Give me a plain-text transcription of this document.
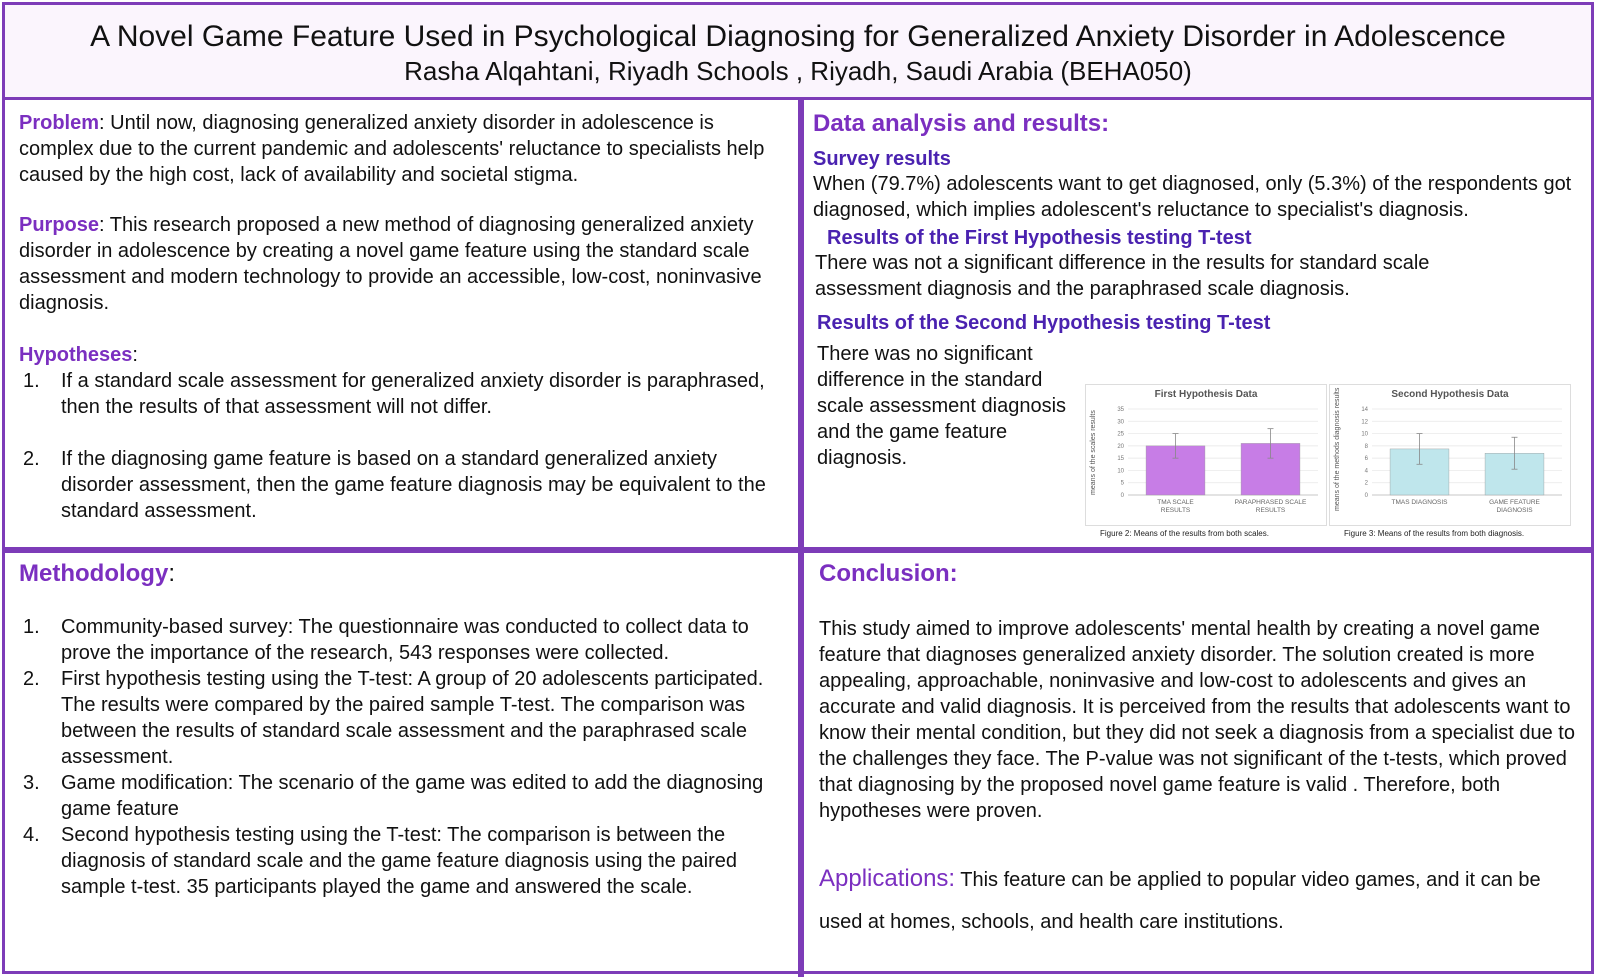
A Novel Game Feature Used in Psychological Diagnosing for Generalized Anxiety Disorder in Adolescence
Rasha Alqahtani, Riyadh Schools , Riyadh, Saudi Arabia (BEHA050)
Problem: Until now, diagnosing generalized anxiety disorder in adolescence is complex due to the current pandemic and adolescents' reluctance to specialists help caused by the high cost, lack of availability and societal stigma.
Purpose: This research proposed a new method of diagnosing generalized anxiety disorder in adolescence by creating a novel game feature using the standard scale assessment and modern technology to provide an accessible, low-cost, noninvasive diagnosis.
Hypotheses:
1. If a standard scale assessment for generalized anxiety disorder is paraphrased, then the results of that assessment will not differ.
2. If the diagnosing game feature is based on a standard generalized anxiety disorder assessment, then the game feature diagnosis may be equivalent to the standard assessment.
Data analysis and results:
Survey results
When (79.7%) adolescents want to get diagnosed, only (5.3%) of the respondents got diagnosed, which implies adolescent's reluctance to specialist's diagnosis.
Results of the First Hypothesis testing T-test
There was not a significant difference in the results for standard scale assessment diagnosis and the paraphrased scale diagnosis.
Results of the Second Hypothesis testing T-test
There was no significant difference in the standard scale assessment diagnosis and the game feature diagnosis.
First Hypothesis Data
means of the scales results
0
5
10
15
20
25
30
35
TMA SCALE
RESULTS
PARAPHRASED SCALE
RESULTS
Figure 2: Means of the results from both scales.
Second Hypothesis Data
means of the methods diagnosis results	0
2
4
6
8
10
12
14
TMAS DIAGNOSIS	GAME FEATURE
DIAGNOSIS
Figure 3: Means of the results from both diagnosis.
Methodology:
1. Community-based survey: The questionnaire was conducted to collect data to prove the importance of the research, 543 responses were collected.
2. First hypothesis testing using the T-test: A group of 20 adolescents participated. The results were compared by the paired sample T-test. The comparison was between the results of standard scale assessment and the paraphrased scale assessment.
3. Game modification: The scenario of the game was edited to add the diagnosing game feature
4. Second hypothesis testing using the T-test: The comparison is between the diagnosis of standard scale and the game feature diagnosis using the paired sample t-test. 35 participants played the game and answered the scale.
Conclusion:
This study aimed to improve adolescents' mental health by creating a novel game feature that diagnoses generalized anxiety disorder. The solution created is more appealing, approachable, noninvasive and low-cost to adolescents and gives an accurate and valid diagnosis. It is perceived from the results that adolescents want to know their mental condition, but they did not seek a diagnosis from a specialist due to the challenges they face. The P-value was not significant of the t-tests, which proved that diagnosing by the proposed novel game feature is valid . Therefore, both hypotheses were proven.
Applications: This feature can be applied to popular video games, and it can be used at homes, schools, and health care institutions.
